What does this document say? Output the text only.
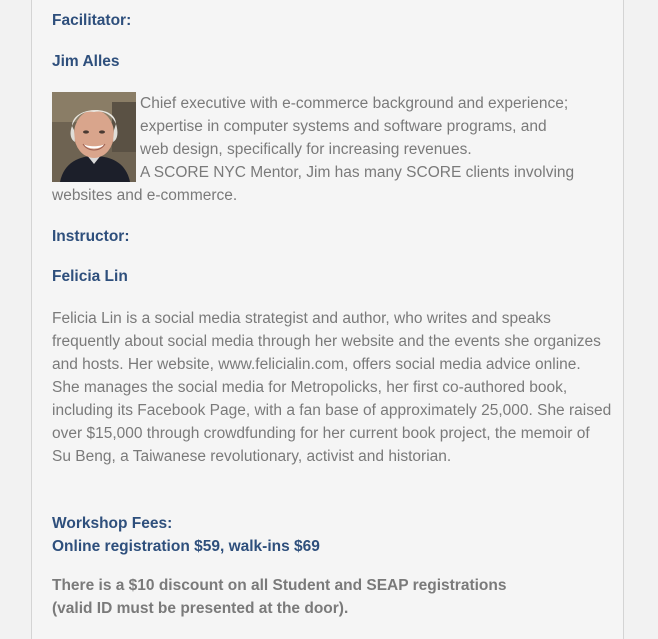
Facilitator:

Jim Alles

Chief executive with e-commerce background and experience;
expertise in computer systems and software programs, and
web design, specifically for increasing revenues.
A SCORE NYC Mentor, Jim has many SCORE clients involving
websites and e-commerce.

Instructor:

Felicia Lin

Felicia Lin is a social media strategist and author, who writes and speaks frequently about social media through her website and the events she organizes and hosts. Her website, www.felicialin.com, offers social media advice online. She manages the social media for Metropolicks, her first co-authored book, including its Facebook Page, with a fan base of approximately 25,000. She raised over $15,000 through crowdfunding for her current book project, the memoir of Su Beng, a Taiwanese revolutionary, activist and historian.

Workshop Fees:

Online registration $59, walk-ins $69

There is a $10 discount on all Student and SEAP registrations

(valid ID must be presented at the door).
